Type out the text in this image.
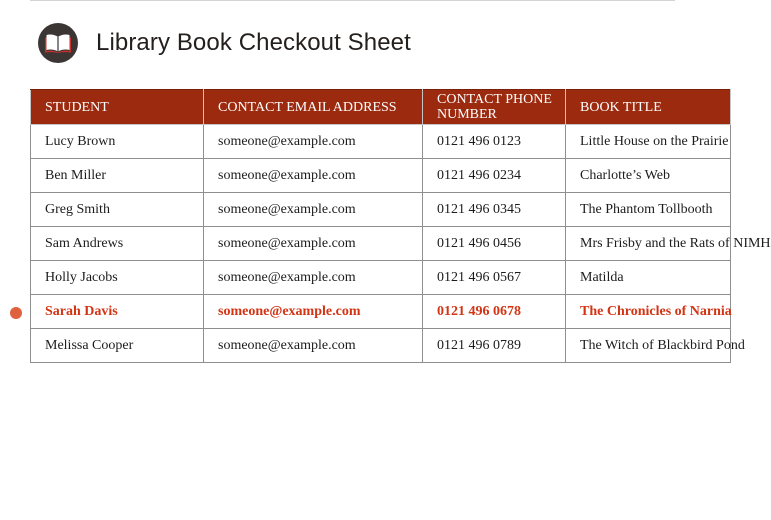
Library Book Checkout Sheet
STUDENT	CONTACT EMAIL ADDRESS	CONTACT PHONE NUMBER	BOOK TITLE
Lucy Brown	someone@example.com	0121 496 0123	Little House on the Prairie
Ben Miller	someone@example.com	0121 496 0234	Charlotte’s Web
Greg Smith	someone@example.com	0121 496 0345	The Phantom Tollbooth
Sam Andrews	someone@example.com	0121 496 0456	Mrs Frisby and the Rats of NIMH
Holly Jacobs	someone@example.com	0121 496 0567	Matilda
Sarah Davis	someone@example.com	0121 496 0678	The Chronicles of Narnia
Melissa Cooper	someone@example.com	0121 496 0789	The Witch of Blackbird Pond
